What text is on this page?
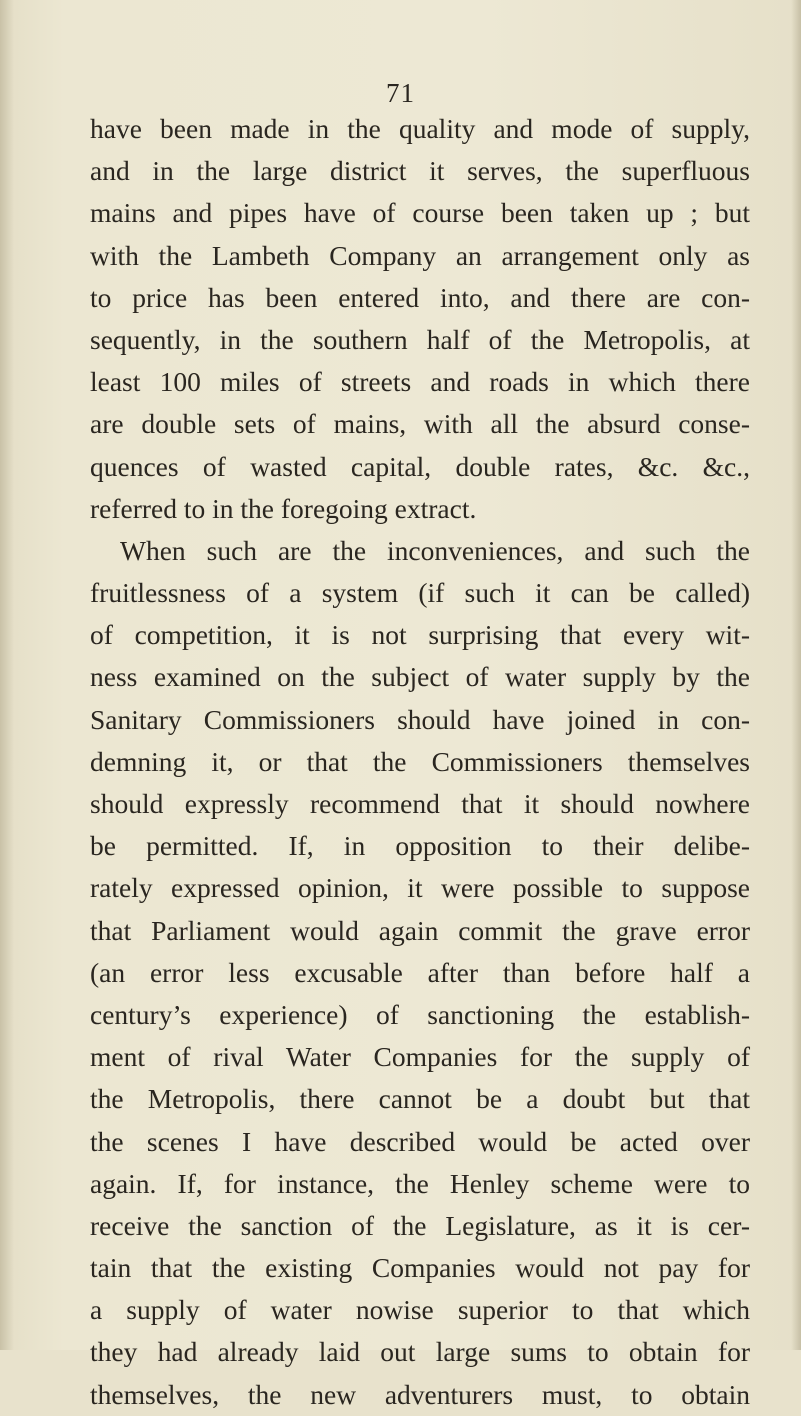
71
have been made in the quality and mode of supply,
and in the large district it serves, the superfluous
mains and pipes have of course been taken up ; but
with the Lambeth Company an arrangement only as
to price has been entered into, and there are con-
sequently, in the southern half of the Metropolis, at
least 100 miles of streets and roads in which there
are double sets of mains, with all the absurd conse-
quences of wasted capital, double rates, &c. &c.,
referred to in the foregoing extract.
When such are the inconveniences, and such the
fruitlessness of a system (if such it can be called)
of competition, it is not surprising that every wit-
ness examined on the subject of water supply by the
Sanitary Commissioners should have joined in con-
demning it, or that the Commissioners themselves
should expressly recommend that it should nowhere
be permitted. If, in opposition to their delibe-
rately expressed opinion, it were possible to suppose
that Parliament would again commit the grave error
(an error less excusable after than before half a
century’s experience) of sanctioning the establish-
ment of rival Water Companies for the supply of
the Metropolis, there cannot be a doubt but that
the scenes I have described would be acted over
again. If, for instance, the Henley scheme were to
receive the sanction of the Legislature, as it is cer-
tain that the existing Companies would not pay for
a supply of water nowise superior to that which
they had already laid out large sums to obtain for
themselves, the new adventurers must, to obtain
